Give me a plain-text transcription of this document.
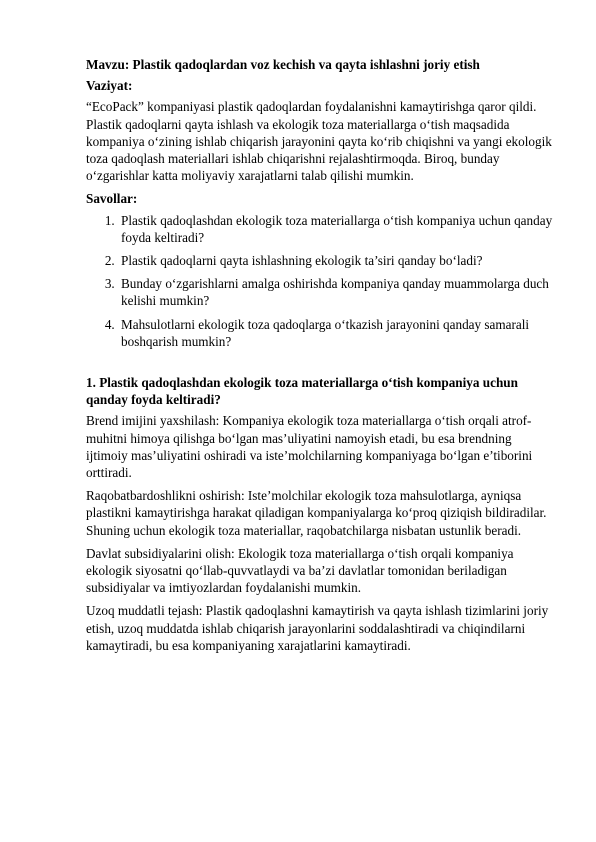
Mavzu: Plastik qadoqlardan voz kechish va qayta ishlashni joriy etish

Vaziyat:

“EcoPack” kompaniyasi plastik qadoqlardan foydalanishni kamaytirishga qaror qildi. Plastik qadoqlarni qayta ishlash va ekologik toza materiallarga o‘tish maqsadida kompaniya o‘zining ishlab chiqarish jarayonini qayta ko‘rib chiqishni va yangi ekologik toza qadoqlash materiallari ishlab chiqarishni rejalashtirmoqda. Biroq, bunday o‘zgarishlar katta moliyaviy xarajatlarni talab qilishi mumkin.

Savollar:

1. Plastik qadoqlashdan ekologik toza materiallarga o‘tish kompaniya uchun qanday foyda keltiradi?
2. Plastik qadoqlarni qayta ishlashning ekologik ta’siri qanday bo‘ladi?
3. Bunday o‘zgarishlarni amalga oshirishda kompaniya qanday muammolarga duch kelishi mumkin?
4. Mahsulotlarni ekologik toza qadoqlarga o‘tkazish jarayonini qanday samarali boshqarish mumkin?

1. Plastik qadoqlashdan ekologik toza materiallarga o‘tish kompaniya uchun qanday foyda keltiradi?

Brend imijini yaxshilash: Kompaniya ekologik toza materiallarga o‘tish orqali atrof-muhitni himoya qilishga bo‘lgan mas’uliyatini namoyish etadi, bu esa brendning ijtimoiy mas’uliyatini oshiradi va iste’molchilarning kompaniyaga bo‘lgan e’tiborini orttiradi.

Raqobatbardoshlikni oshirish: Iste’molchilar ekologik toza mahsulotlarga, ayniqsa plastikni kamaytirishga harakat qiladigan kompaniyalarga ko‘proq qiziqish bildiradilar. Shuning uchun ekologik toza materiallar, raqobatchilarga nisbatan ustunlik beradi.

Davlat subsidiyalarini olish: Ekologik toza materiallarga o‘tish orqali kompaniya ekologik siyosatni qo‘llab-quvvatlaydi va ba’zi davlatlar tomonidan beriladigan subsidiyalar va imtiyozlardan foydalanishi mumkin.

Uzoq muddatli tejash: Plastik qadoqlashni kamaytirish va qayta ishlash tizimlarini joriy etish, uzoq muddatda ishlab chiqarish jarayonlarini soddalashtiradi va chiqindilarni kamaytiradi, bu esa kompaniyaning xarajatlarini kamaytiradi.
